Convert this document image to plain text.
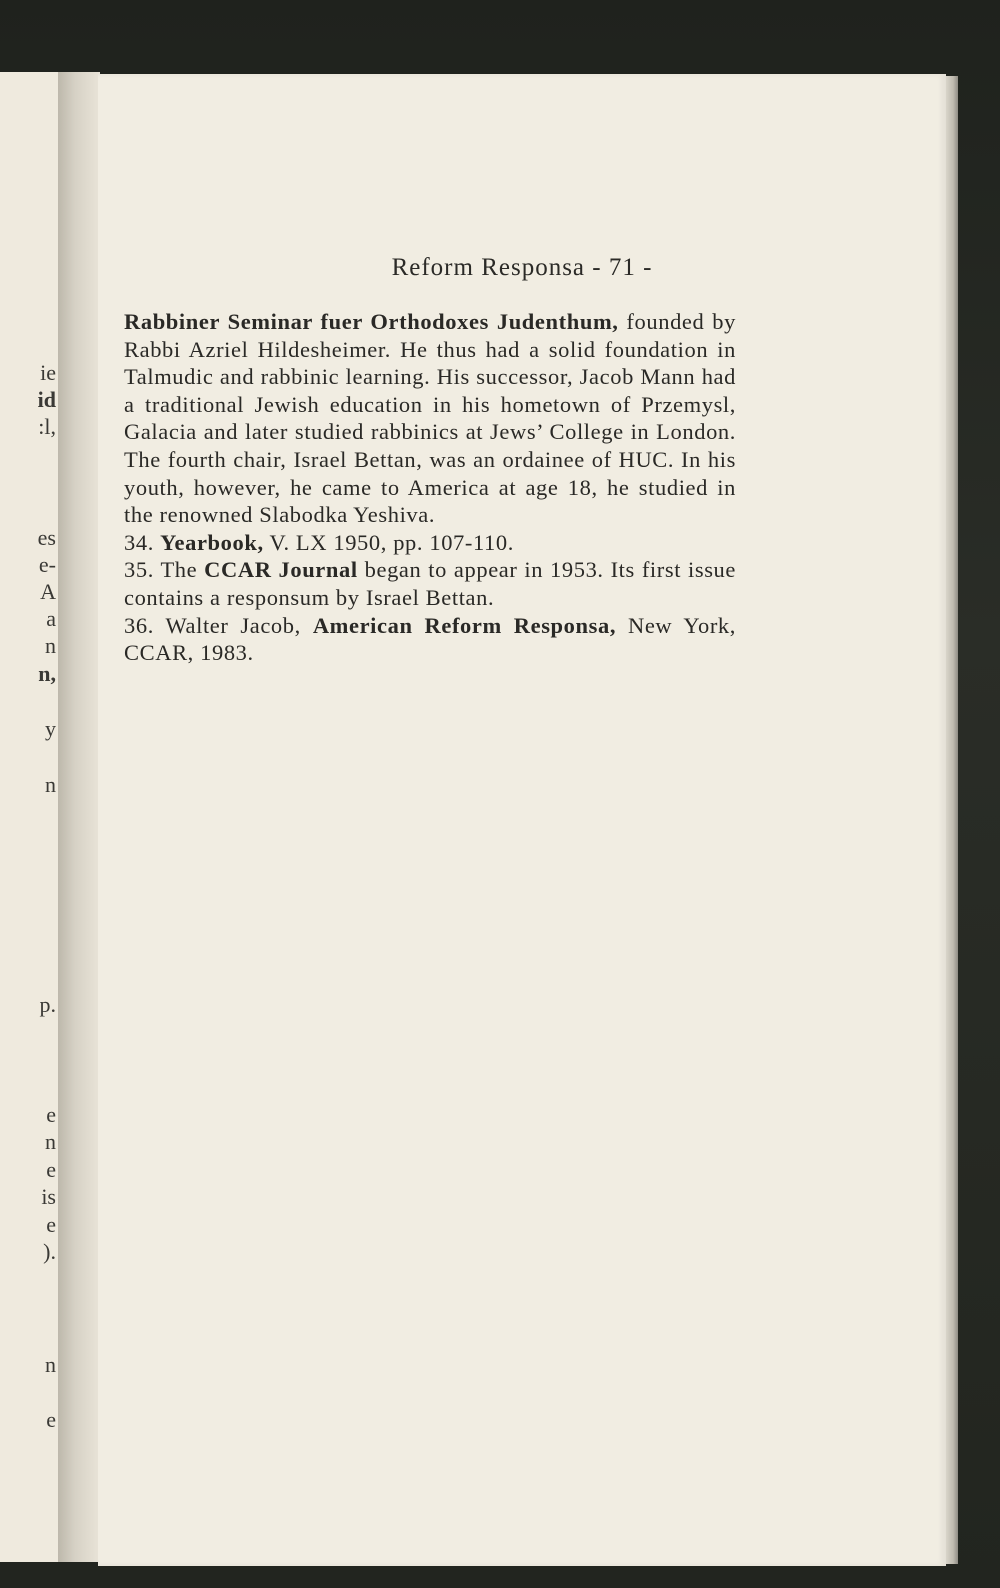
ie
id
:l,
es
e-
A
a
n
n,
y
n
p.
e
n
e
is
e
).
n
e
Reform Responsa - 71 -

Rabbiner Seminar fuer Orthodoxes Judenthum, founded by Rabbi Azriel Hildesheimer. He thus had a solid foundation in Talmudic and rabbinic learning. His successor, Jacob Mann had a traditional Jewish education in his hometown of Przemysl, Galacia and later studied rabbinics at Jews’ College in London. The fourth chair, Israel Bettan, was an ordainee of HUC. In his youth, however, he came to America at age 18, he studied in the renowned Slabodka Yeshiva.

34. Yearbook, V. LX 1950, pp. 107-110.

35. The CCAR Journal began to appear in 1953. Its first issue contains a responsum by Israel Bettan.

36. Walter Jacob, American Reform Responsa, New York, CCAR, 1983.
